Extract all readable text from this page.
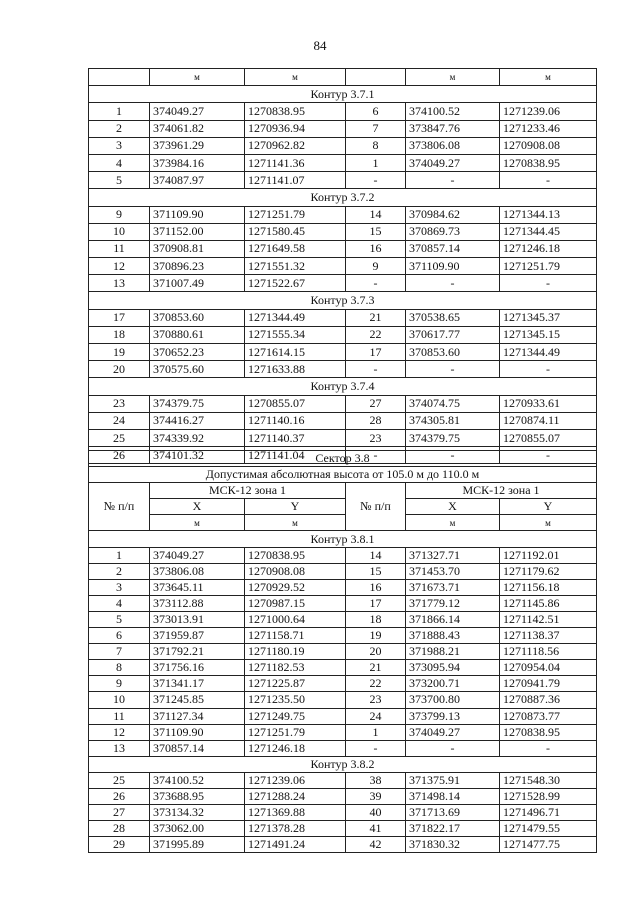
84
	м	м		м	м
Контур 3.7.1					
1	374049.27	1270838.95	6	374100.52	1271239.06
2	374061.82	1270936.94	7	373847.76	1271233.46
3	373961.29	1270962.82	8	373806.08	1270908.08
4	373984.16	1271141.36	1	374049.27	1270838.95
5	374087.97	1271141.07	-	-	-
Контур 3.7.2					
9	371109.90	1271251.79	14	370984.62	1271344.13
10	371152.00	1271580.45	15	370869.73	1271344.45
11	370908.81	1271649.58	16	370857.14	1271246.18
12	370896.23	1271551.32	9	371109.90	1271251.79
13	371007.49	1271522.67	-	-	-
Контур 3.7.3					
17	370853.60	1271344.49	21	370538.65	1271345.37
18	370880.61	1271555.34	22	370617.77	1271345.15
19	370652.23	1271614.15	17	370853.60	1271344.49
20	370575.60	1271633.88	-	-	-
Контур 3.7.4					
23	374379.75	1270855.07	27	374074.75	1270933.61
24	374416.27	1271140.16	28	374305.81	1270874.11
25	374339.92	1271140.37	23	374379.75	1270855.07
26	374101.32	1271141.04	-	-	-
Сектор 3.8					
Допустимая абсолютная высота от 105.0 м до 110.0 м					
№ п/п	МСК-12 зона 1		№ п/п	МСК-12 зона 1	
	X	Y		X	Y
	м	м		м	м
Контур 3.8.1					
1	374049.27	1270838.95	14	371327.71	1271192.01
2	373806.08	1270908.08	15	371453.70	1271179.62
3	373645.11	1270929.52	16	371673.71	1271156.18
4	373112.88	1270987.15	17	371779.12	1271145.86
5	373013.91	1271000.64	18	371866.14	1271142.51
6	371959.87	1271158.71	19	371888.43	1271138.37
7	371792.21	1271180.19	20	371988.21	1271118.56
8	371756.16	1271182.53	21	373095.94	1270954.04
9	371341.17	1271225.87	22	373200.71	1270941.79
10	371245.85	1271235.50	23	373700.80	1270887.36
11	371127.34	1271249.75	24	373799.13	1270873.77
12	371109.90	1271251.79	1	374049.27	1270838.95
13	370857.14	1271246.18	-	-	-
Контур 3.8.2					
25	374100.52	1271239.06	38	371375.91	1271548.30
26	373688.95	1271288.24	39	371498.14	1271528.99
27	373134.32	1271369.88	40	371713.69	1271496.71
28	373062.00	1271378.28	41	371822.17	1271479.55
29	371995.89	1271491.24	42	371830.32	1271477.75
